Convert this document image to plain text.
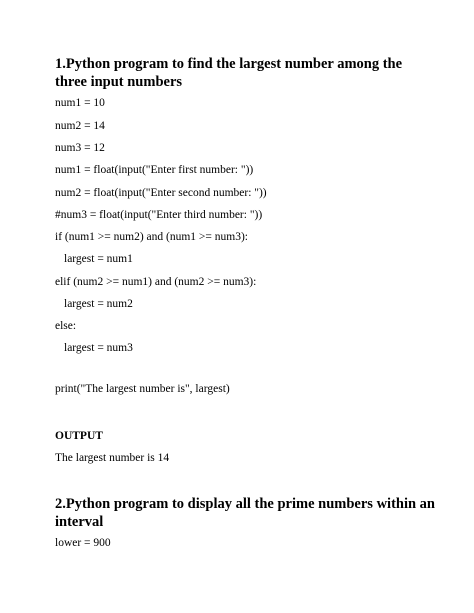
1.Python program to find the largest number among the three input numbers
num1 = 10
num2 = 14
num3 = 12
num1 = float(input("Enter first number: "))
num2 = float(input("Enter second number: "))
#num3 = float(input("Enter third number: "))
if (num1 >= num2) and (num1 >= num3):
largest = num1
elif (num2 >= num1) and (num2 >= num3):
largest = num2
else:
largest = num3
print("The largest number is", largest)
OUTPUT
The largest number is 14
2.Python program to display all the prime numbers within an interval
lower = 900
